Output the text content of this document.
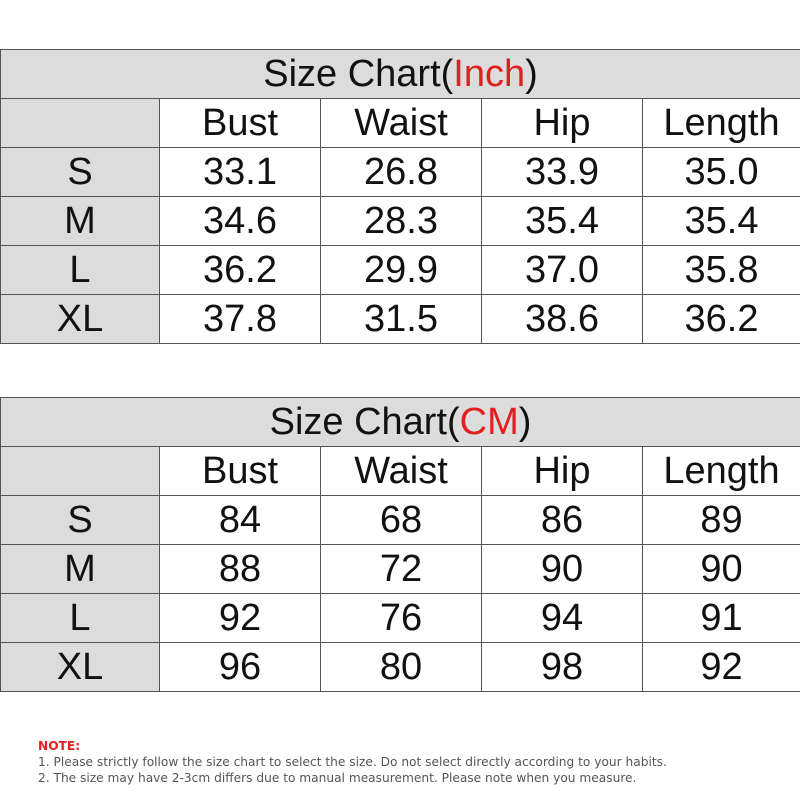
Size Chart(Inch)				
	Bust	Waist	Hip	Length
S	33.1	26.8	33.9	35.0
M	34.6	28.3	35.4	35.4
L	36.2	29.9	37.0	35.8
XL	37.8	31.5	38.6	36.2
Size Chart(CM)				
	Bust	Waist	Hip	Length
S	84	68	86	89
M	88	72	90	90
L	92	76	94	91
XL	96	80	98	92
NOTE:
1. Please strictly follow the size chart to select the size. Do not select directly according to your habits.
2. The size may have 2-3cm differs due to manual measurement. Please note when you measure.
